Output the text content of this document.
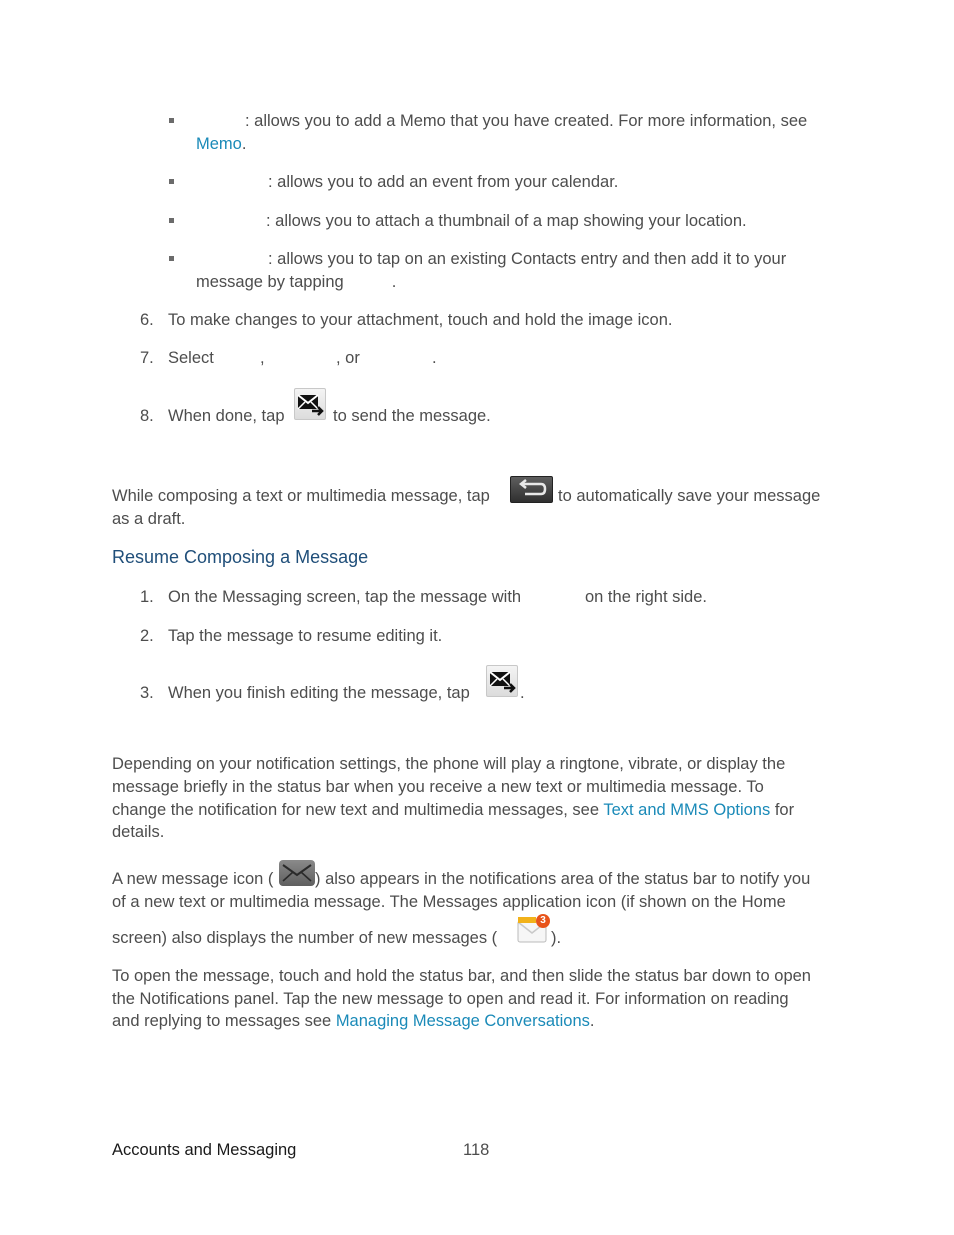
: allows you to add a Memo that you have created. For more information, see
Memo.
: allows you to add an event from your calendar.
: allows you to attach a thumbnail of a map showing your location.
: allows you to tap on an existing Contacts entry and then add it to your
message by tapping	.
6. To make changes to your attachment, touch and hold the image icon.
7. Select	,	, or	.
8. When done, tap	to send the message.
While composing a text or multimedia message, tap	to automatically save your message
as a draft.
Resume Composing a Message
1. On the Messaging screen, tap the message with	on the right side.
2. Tap the message to resume editing it.
3. When you finish editing the message, tap	.
Depending on your notification settings, the phone will play a ringtone, vibrate, or display the
message briefly in the status bar when you receive a new text or multimedia message. To
change the notification for new text and multimedia messages, see Text and MMS Options for
details.
A new message icon (	) also appears in the notifications area of the status bar to notify you
of a new text or multimedia message. The Messages application icon (if shown on the Home
screen) also displays the number of new messages (
3
).
To open the message, touch and hold the status bar, and then slide the status bar down to open
the Notifications panel. Tap the new message to open and read it. For information on reading
and replying to messages see Managing Message Conversations.
Accounts and Messaging	118
